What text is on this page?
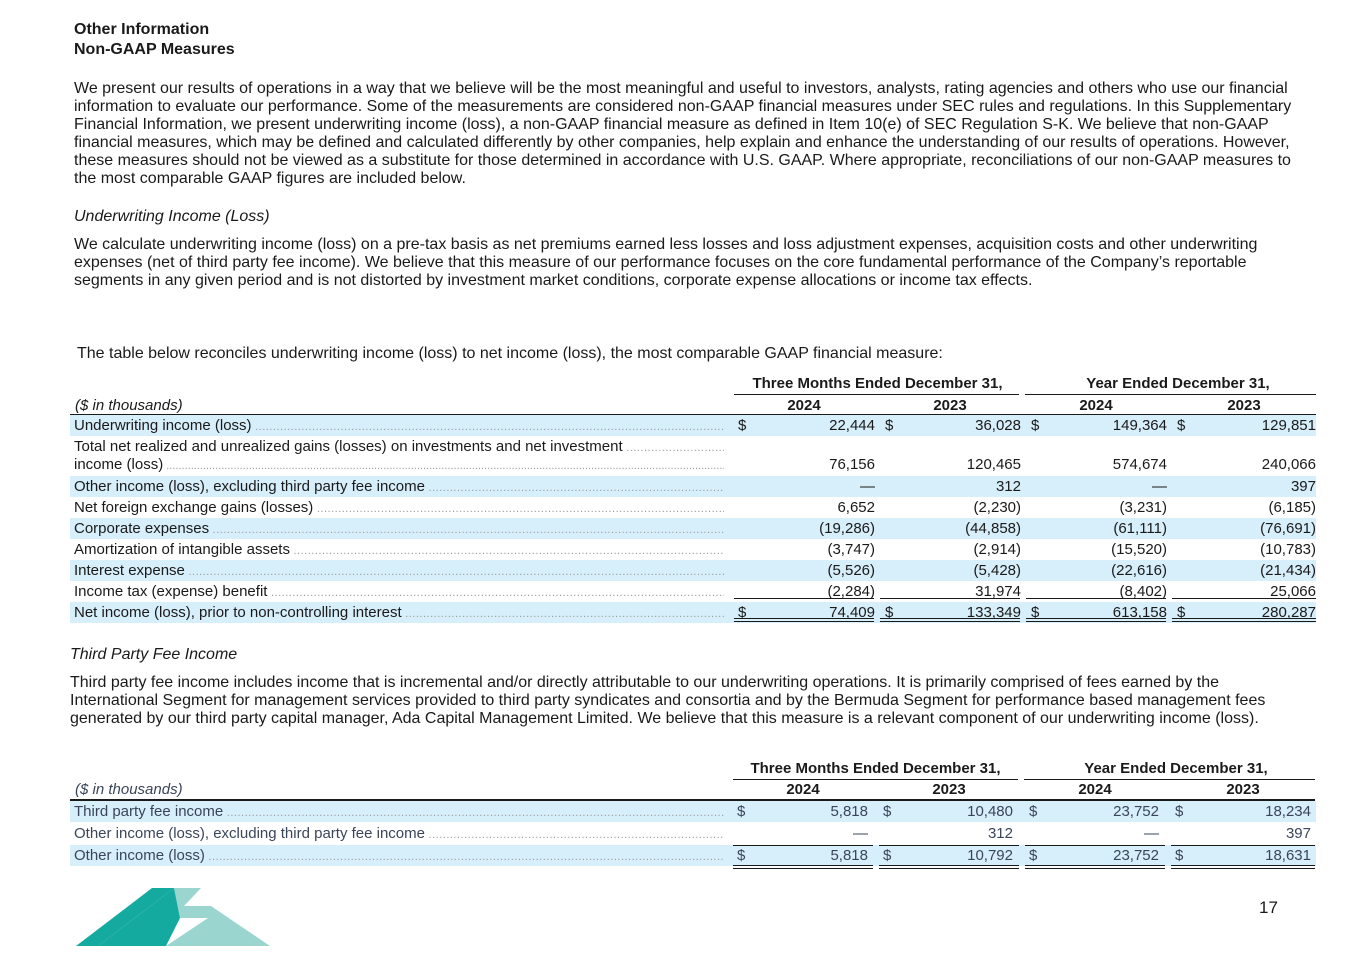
Other Information
Non-GAAP Measures
We present our results of operations in a way that we believe will be the most meaningful and useful to investors, analysts, rating agencies and others who use our financial information to evaluate our performance. Some of the measurements are considered non-GAAP financial measures under SEC rules and regulations. In this Supplementary Financial Information, we present underwriting income (loss), a non-GAAP financial measure as defined in Item 10(e) of SEC Regulation S-K. We believe that non-GAAP financial measures, which may be defined and calculated differently by other companies, help explain and enhance the understanding of our results of operations. However, these measures should not be viewed as a substitute for those determined in accordance with U.S. GAAP. Where appropriate, reconciliations of our non-GAAP measures to the most comparable GAAP figures are included below.
Underwriting Income (Loss)
We calculate underwriting income (loss) on a pre-tax basis as net premiums earned less losses and loss adjustment expenses, acquisition costs and other underwriting expenses (net of third party fee income). We believe that this measure of our performance focuses on the core fundamental performance of the Company’s reportable segments in any given period and is not distorted by investment market conditions, corporate expense allocations or income tax effects.
The table below reconciles underwriting income (loss) to net income (loss), the most comparable GAAP financial measure:
Three Months Ended December 31,	Year Ended December 31,
($ in thousands)	2024	2023	2024	2023
Underwriting income (loss) .....	$	22,444 $	36,028 $	149,364 $	129,851
Total net realized and unrealized gains (losses) on investments and net investment .....
income (loss) .....	76,156	120,465	574,674	240,066
Other income (loss), excluding third party fee income .....	—	312	—	397
Net foreign exchange gains (losses) .....	6,652	(2,230)	(3,231)	(6,185)
Corporate expenses .....	(19,286)	(44,858)	(61,111)	(76,691)
Amortization of intangible assets .....	(3,747)	(2,914)	(15,520)	(10,783)
Interest expense .....	(5,526)	(5,428)	(22,616)	(21,434)
Income tax (expense) benefit .....	(2,284)	31,974	(8,402)	25,066
Net income (loss), prior to non-controlling interest .....	$	74,409 $	133,349 $	613,158 $	280,287
Third Party Fee Income
Third party fee income includes income that is incremental and/or directly attributable to our underwriting operations. It is primarily comprised of fees earned by the International Segment for management services provided to third party syndicates and consortia and by the Bermuda Segment for performance based management fees generated by our third party capital manager, Ada Capital Management Limited. We believe that this measure is a relevant component of our underwriting income (loss).
Three Months Ended December 31,	Year Ended December 31,
($ in thousands)	2024	2023	2024	2023
Third party fee income .....	$	5,818 $	10,480 $	23,752 $	18,234
Other income (loss), excluding third party fee income .....	—	312	—	397
Other income (loss) .....	$	5,818 $	10,792 $	23,752 $	18,631
17
